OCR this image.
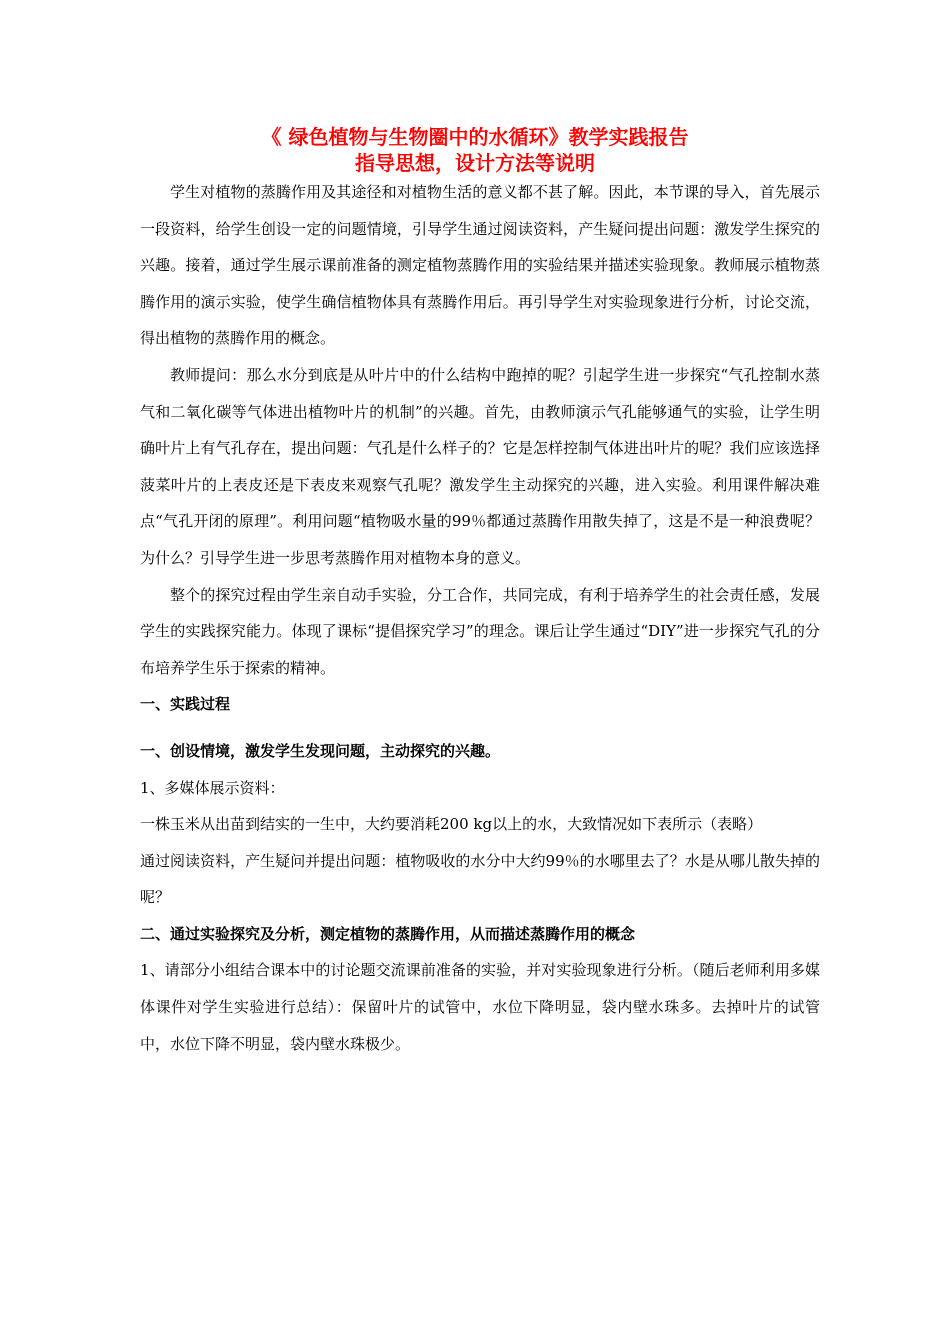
《 绿色植物与生物圈中的水循环》教学实践报告
指导思想，设计方法等说明

学生对植物的蒸腾作用及其途径和对植物生活的意义都不甚了解。因此，本节课的导入，首先展示一段资料，给学生创设一定的问题情境，引导学生通过阅读资料，产生疑问提出问题：激发学生探究的兴趣。接着，通过学生展示课前准备的测定植物蒸腾作用的实验结果并描述实验现象。教师展示植物蒸腾作用的演示实验，使学生确信植物体具有蒸腾作用后。再引导学生对实验现象进行分析，讨论交流，得出植物的蒸腾作用的概念。

教师提问：那么水分到底是从叶片中的什么结构中跑掉的呢？引起学生进一步探究“气孔控制水蒸气和二氧化碳等气体进出植物叶片的机制”的兴趣。首先，由教师演示气孔能够通气的实验，让学生明确叶片上有气孔存在，提出问题：气孔是什么样子的？它是怎样控制气体进出叶片的呢？我们应该选择菠菜叶片的上表皮还是下表皮来观察气孔呢？激发学生主动探究的兴趣，进入实验。利用课件解决难点“气孔开闭的原理”。利用问题“植物吸水量的99％都通过蒸腾作用散失掉了，这是不是一种浪费呢？为什么？引导学生进一步思考蒸腾作用对植物本身的意义。

整个的探究过程由学生亲自动手实验，分工合作，共同完成，有利于培养学生的社会责任感，发展学生的实践探究能力。体现了课标“提倡探究学习”的理念。课后让学生通过“DIY”进一步探究气孔的分布培养学生乐于探索的精神。

一、实践过程

一、创设情境，激发学生发现问题，主动探究的兴趣。

1、多媒体展示资料：

一株玉米从出苗到结实的一生中，大约要消耗200 kg以上的水，大致情况如下表所示（表略）

通过阅读资料，产生疑问并提出问题：植物吸收的水分中大约99％的水哪里去了？水是从哪儿散失掉的呢？

二、通过实验探究及分析，测定植物的蒸腾作用，从而描述蒸腾作用的概念

1、请部分小组结合课本中的讨论题交流课前准备的实验，并对实验现象进行分析。（随后老师利用多媒体课件对学生实验进行总结）：保留叶片的试管中，水位下降明显，袋内壁水珠多。去掉叶片的试管中，水位下降不明显，袋内壁水珠极少。
